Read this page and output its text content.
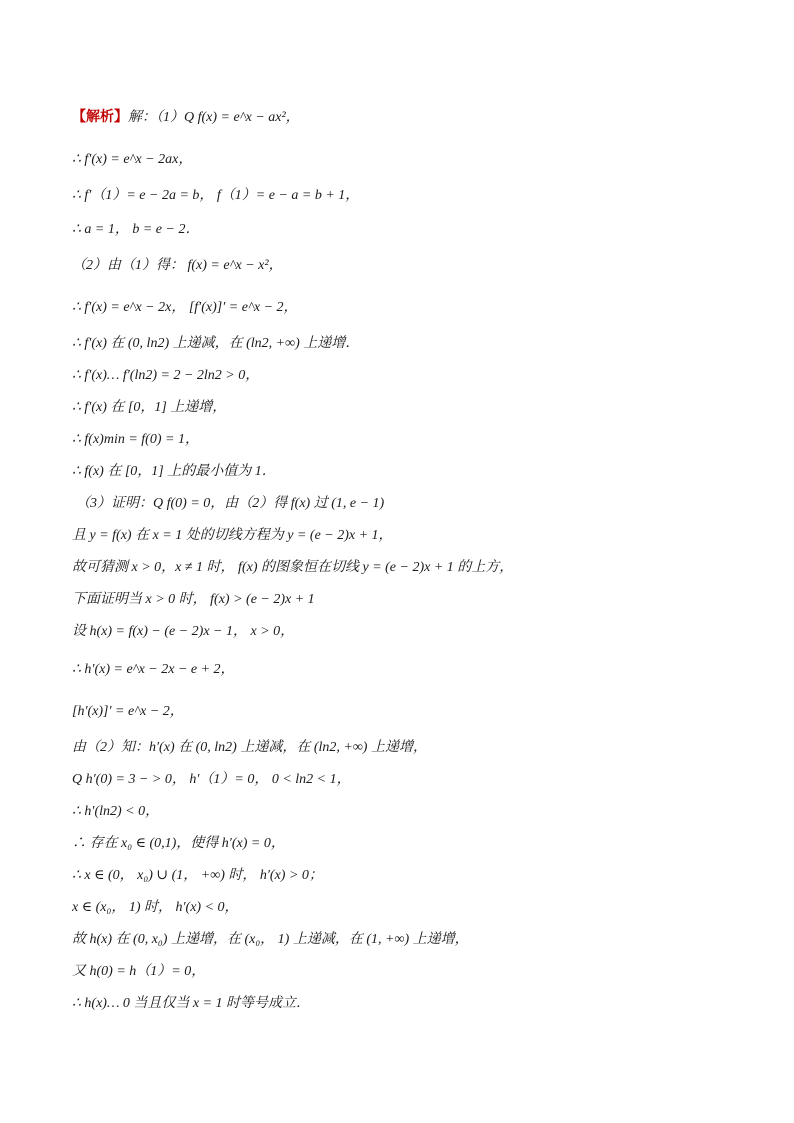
【解析】解：（1）Q f(x) = e^x − ax²，
∴ f′(x) = e^x − 2ax，
∴ f′（1）= e − 2a = b， f（1）= e − a = b + 1，
∴ a = 1， b = e − 2．
（2）由（1）得： f(x) = e^x − x²，
∴ f′(x) = e^x − 2x， [f′(x)]′ = e^x − 2，
∴ f′(x) 在 (0, ln2) 上递减，在 (ln2, +∞) 上递增．
∴ f′(x)… f′(ln2) = 2 − 2ln2 > 0，
∴ f′(x) 在 [0，1] 上递增，
∴ f(x)min = f(0) = 1，
∴ f(x) 在 [0，1] 上的最小值为 1．
（3）证明：Q f(0) = 0，由（2）得 f(x) 过 (1, e − 1)
且 y = f(x) 在 x = 1 处的切线方程为 y = (e − 2)x + 1，
故可猜测 x > 0，x ≠ 1 时， f(x) 的图象恒在切线 y = (e − 2)x + 1 的上方，
下面证明当 x > 0 时， f(x) > (e − 2)x + 1
设 h(x) = f(x) − (e − 2)x − 1， x > 0，
∴ h′(x) = e^x − 2x − e + 2，
[h′(x)]′ = e^x − 2，
由（2）知：h′(x) 在 (0, ln2) 上递减，在 (ln2, +∞) 上递增，
Q h′(0) = 3 − > 0， h′（1）= 0， 0 < ln2 < 1，
∴ h′(ln2) < 0，
∴ 存在 x₀ ∈ (0,1)，使得 h′(x) = 0，
∴ x ∈ (0， x₀) ∪ (1， +∞) 时， h′(x) > 0；
x ∈ (x₀， 1) 时， h′(x) < 0，
故 h(x) 在 (0, x₀) 上递增，在 (x₀， 1) 上递减，在 (1, +∞) 上递增，
又 h(0) = h（1）= 0，
∴ h(x)… 0 当且仅当 x = 1 时等号成立．
